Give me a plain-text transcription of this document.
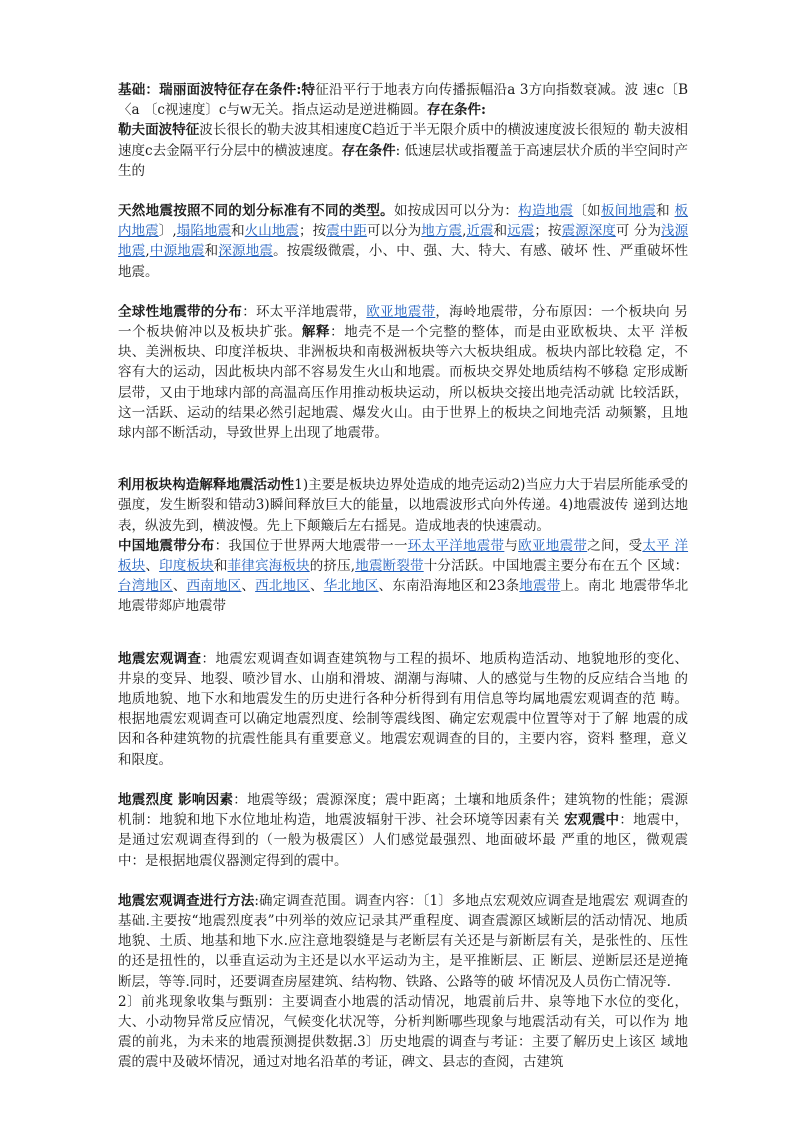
基础：瑞丽面波特征存在条件:特征沿平行于地表方向传播振幅沿a 3方向指数衰减。波 速c〔B〈a 〔c视速度〕c与w无关。指点运动是逆进椭圆。存在条件:
勒夫面波特征波长很长的勒夫波其相速度C趋近于半无限介质中的横波速度波长很短的 勒夫波相速度c去金隔平行分层中的横波速度。存在条件: 低速层状或指覆盖于高速层状介质的半空间时产生的

天然地震按照不同的划分标准有不同的类型。如按成因可以分为：构造地震〔如板间地震和 板内地震〕,塌陷地震和火山地震；按震中距可以分为地方震,近震和远震；按震源深度可 分为浅源地震,中源地震和深源地震。按震级微震，小、中、强、大、特大、有感、破坏 性、严重破坏性地震。

全球性地震带的分布：环太平洋地震带，欧亚地震带，海岭地震带，分布原因：一个板块向 另一个板块俯冲以及板块扩张。解释：地壳不是一个完整的整体，而是由亚欧板块、太平 洋板块、美洲板块、印度洋板块、非洲板块和南极洲板块等六大板块组成。板块内部比较稳 定，不容有大的运动，因此板块内部不容易发生火山和地震。而板块交界处地质结构不够稳 定形成断层带，又由于地球内部的高温高压作用推动板块运动，所以板块交接出地壳活动就 比较活跃，这一活跃、运动的结果必然引起地震、爆发火山。由于世界上的板块之间地壳活 动频繁，且地球内部不断活动，导致世界上出现了地震带。

利用板块构造解释地震活动性1)主要是板块边界处造成的地壳运动2)当应力大于岩层所能承受的强度，发生断裂和错动3)瞬间释放巨大的能量，以地震波形式向外传递。4)地震波传 递到达地表，纵波先到，横波慢。先上下颠簸后左右摇晃。造成地表的快速震动。

中国地震带分布：我国位于世界两大地震带一一环太平洋地震带与欧亚地震带之间，受太平 洋板块、印度板块和菲律宾海板块的挤压,地震断裂带十分活跃。中国地震主要分布在五个 区域：台湾地区、西南地区、西北地区、华北地区、东南沿海地区和23条地震带上。南北 地震带华北地震带郯庐地震带

地震宏观调查：地震宏观调查如调查建筑物与工程的损坏、地质构造活动、地貌地形的变化、 井泉的变异、地裂、喷沙冒水、山崩和滑坡、湖潮与海啸、人的感觉与生物的反应结合当地 的地质地貌、地下水和地震发生的历史进行各种分析得到有用信息等均属地震宏观调查的范 畴。根据地震宏观调查可以确定地震烈度、绘制等震线图、确定宏观震中位置等对于了解 地震的成因和各种建筑物的抗震性能具有重要意义。地震宏观调查的目的，主要内容，资料 整理，意义和限度。

地震烈度 影响因素：地震等级；震源深度；震中距离；土壤和地质条件；建筑物的性能；震源机制：地貌和地下水位地址构造，地震波辐射干涉、社会环境等因素有关 宏观震中：地震中，是通过宏观调查得到的（一般为极震区）人们感觉最强烈、地面破坏最 严重的地区，微观震中：是根据地震仪器测定得到的震中。

地震宏观调查进行方法:确定调查范围。调查内容：〔1〕多地点宏观效应调查是地震宏 观调查的基础.主要按“地震烈度表”中列举的效应记录其严重程度、调查震源区域断层的活动情况、地质地貌、土质、地基和地下水.应注意地裂缝是与老断层有关还是与新断层有关，是张性的、压性的还是扭性的，以垂直运动为主还是以水平运动为主，是平推断层、正 断层、逆断层还是逆掩断层，等等.同时，还要调查房屋建筑、结构物、铁路、公路等的破 坏情况及人员伤亡情况等.

2〕前兆现象收集与甄别：主要调查小地震的活动情况，地震前后井、泉等地下水位的变化， 大、小动物异常反应情况，气候变化状况等，分析判断哪些现象与地震活动有关，可以作为 地震的前兆，为未来的地震预测提供数据.3〕历史地震的调查与考证：主要了解历史上该区 域地震的震中及破坏情况，通过对地名沿革的考证，碑文、县志的查阅，古建筑
